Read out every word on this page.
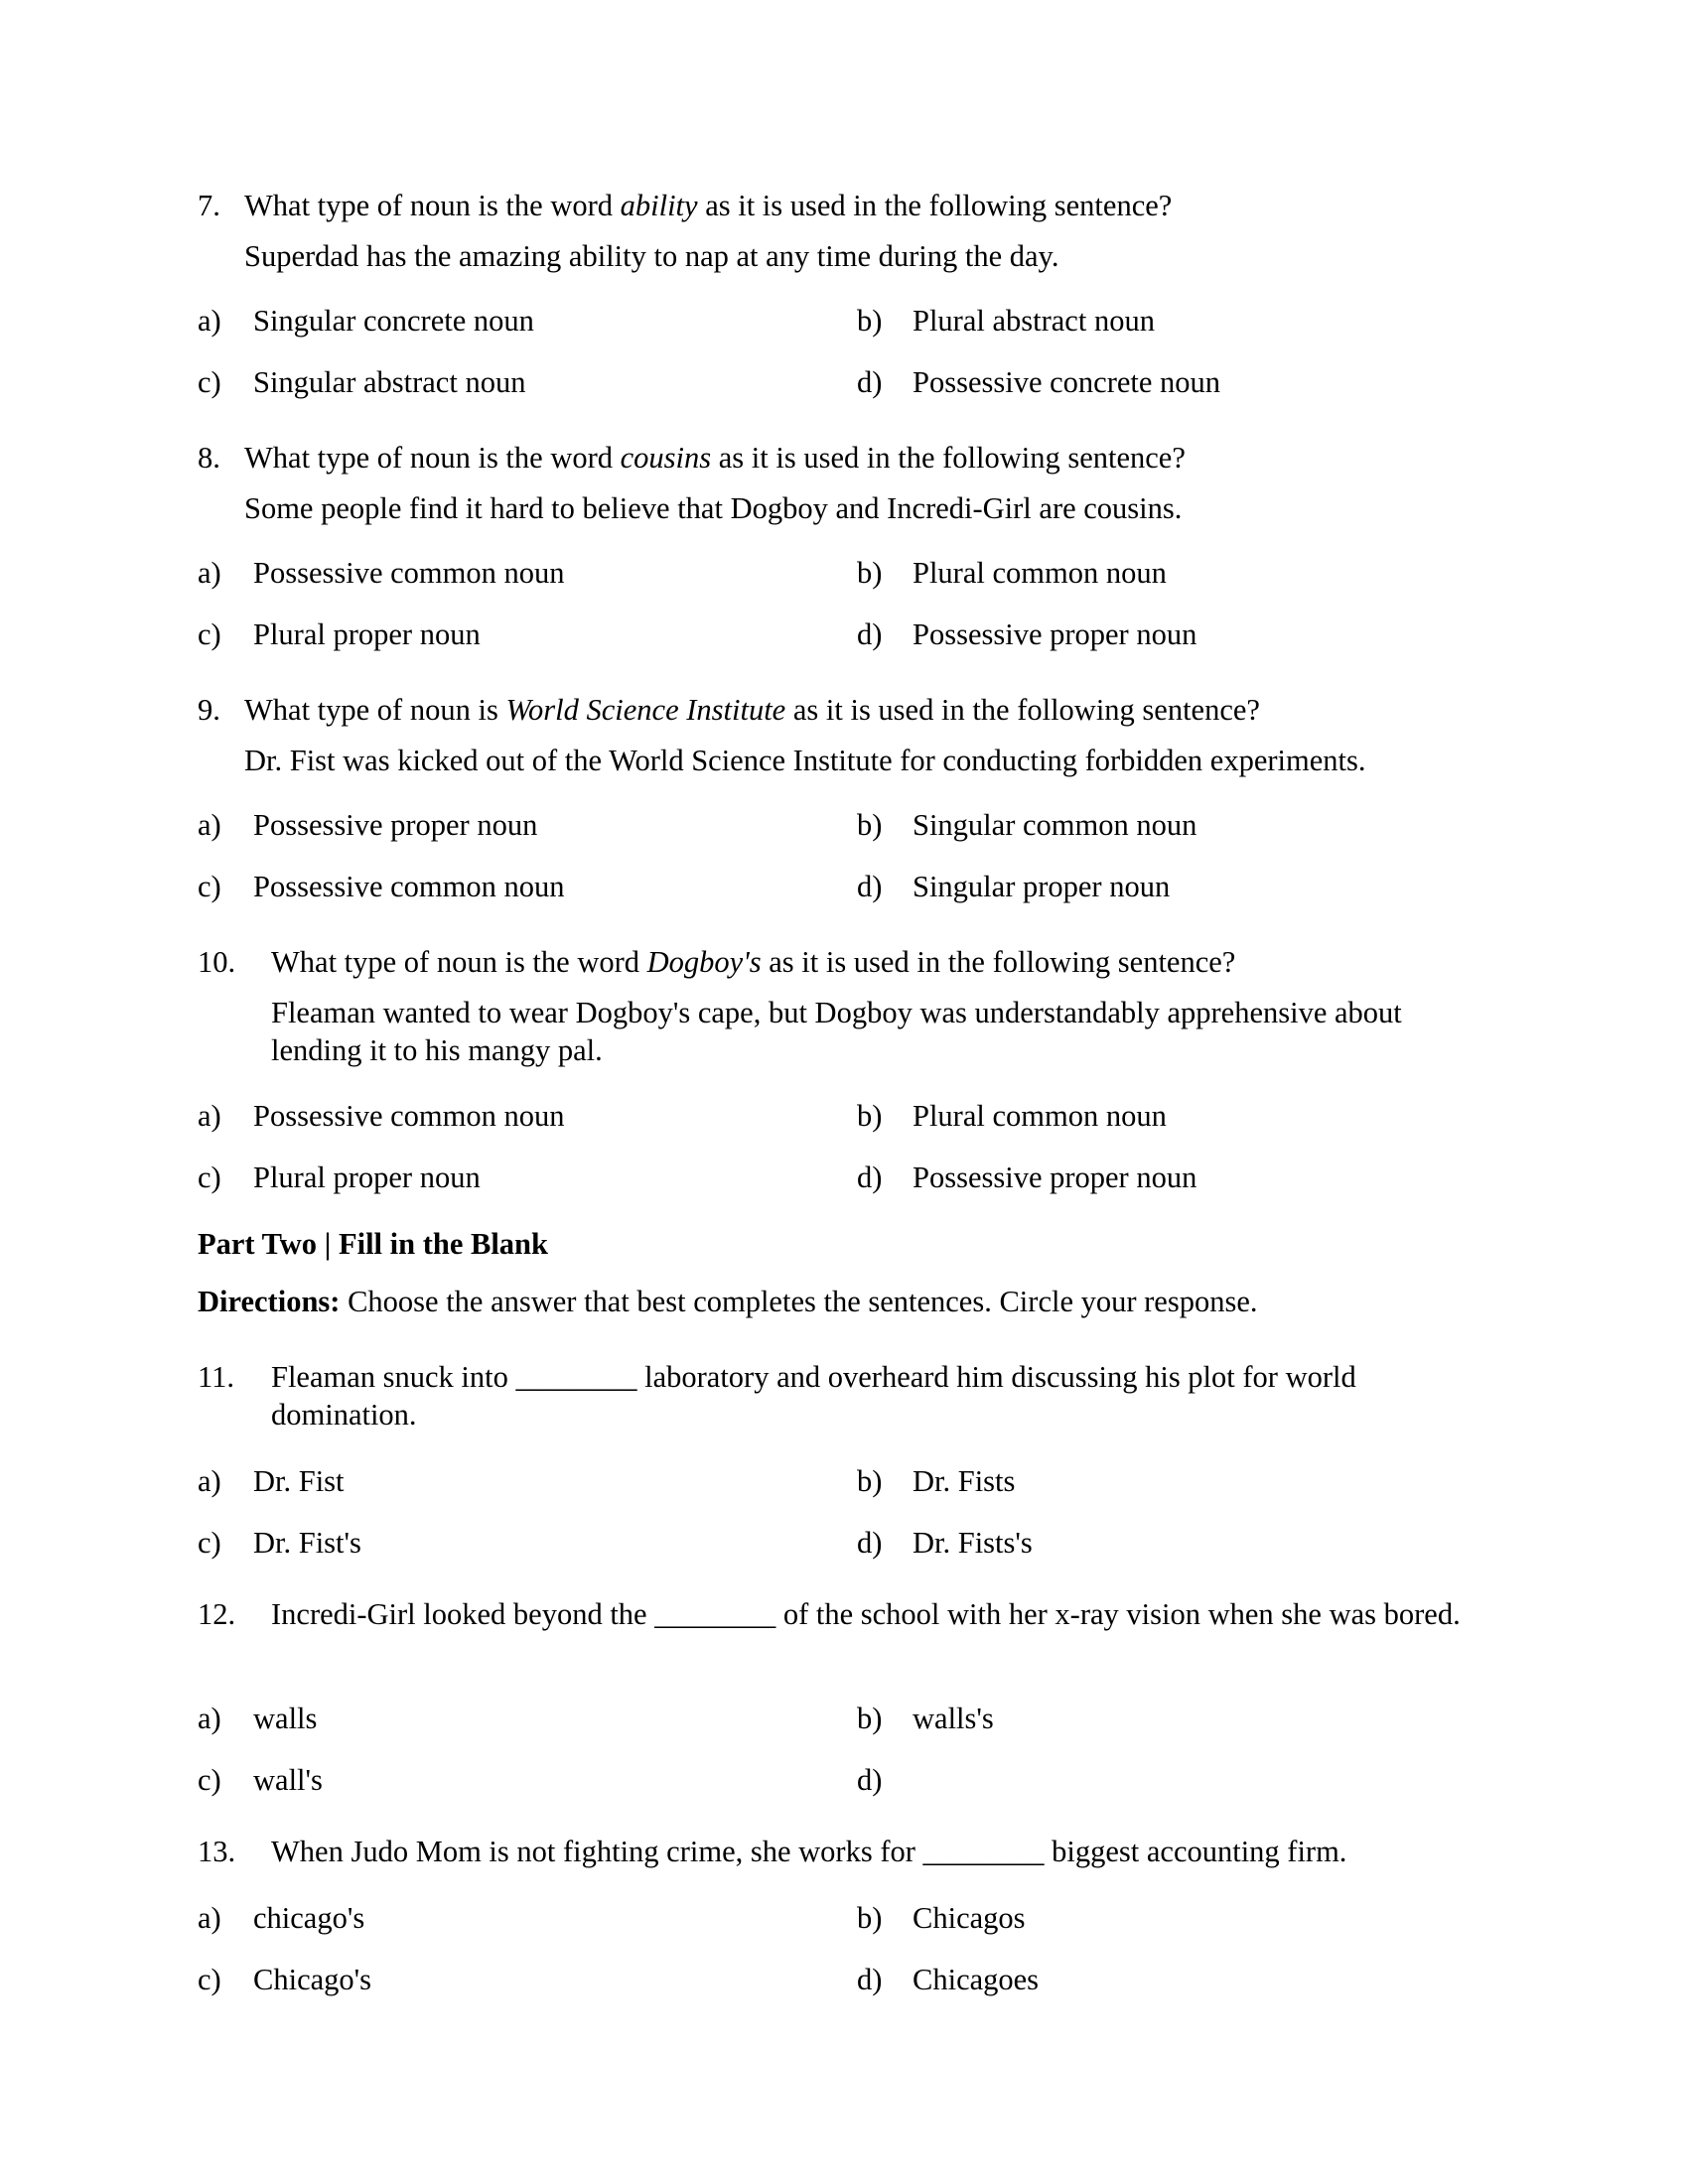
7. What type of noun is the word ability as it is used in the following sentence?
Superdad has the amazing ability to nap at any time during the day.
a) Singular concrete noun	b) Plural abstract noun
c) Singular abstract noun	d) Possessive concrete noun
8. What type of noun is the word cousins as it is used in the following sentence?
Some people find it hard to believe that Dogboy and Incredi-Girl are cousins.
a) Possessive common noun	b) Plural common noun
c) Plural proper noun	d) Possessive proper noun
9. What type of noun is World Science Institute as it is used in the following sentence?
Dr. Fist was kicked out of the World Science Institute for conducting forbidden experiments.
a) Possessive proper noun	b) Singular common noun
c) Possessive common noun	d) Singular proper noun
10. What type of noun is the word Dogboy's as it is used in the following sentence?
Fleaman wanted to wear Dogboy's cape, but Dogboy was understandably apprehensive about lending it to his mangy pal.
a) Possessive common noun	b) Plural common noun
c) Plural proper noun	d) Possessive proper noun
Part Two | Fill in the Blank
Directions: Choose the answer that best completes the sentences. Circle your response.
11. Fleaman snuck into ________ laboratory and overheard him discussing his plot for world domination.
a) Dr. Fist	b) Dr. Fists
c) Dr. Fist's	d) Dr. Fists's
12. Incredi-Girl looked beyond the ________ of the school with her x-ray vision when she was bored.
a) walls	b) walls's
c) wall's	d)
13. When Judo Mom is not fighting crime, she works for ________ biggest accounting firm.
a) chicago's	b) Chicagos
c) Chicago's	d) Chicagoes
